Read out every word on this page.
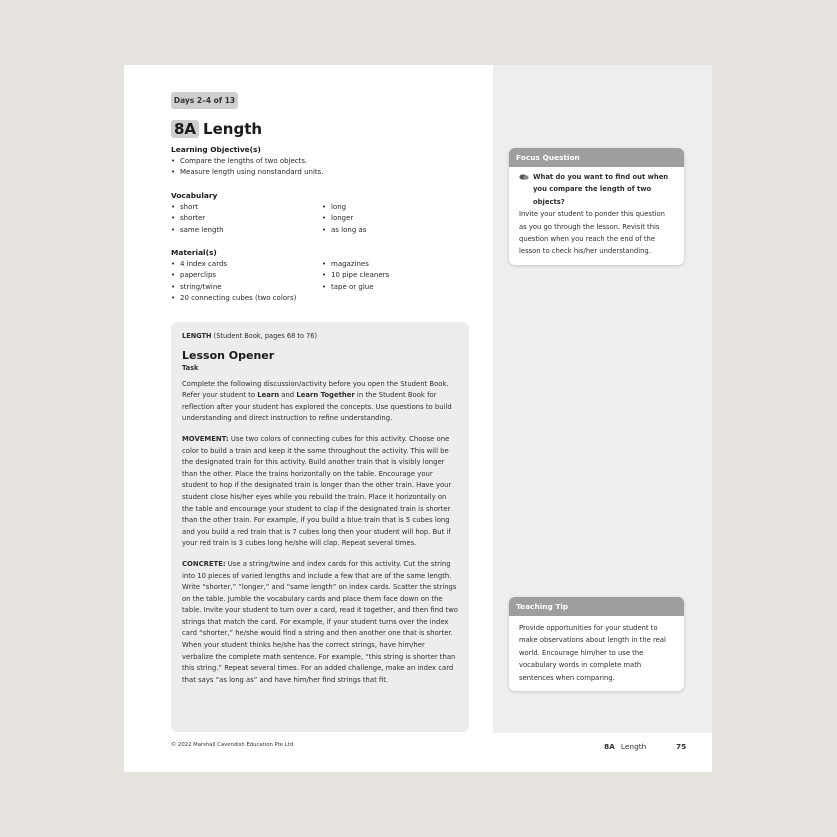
Days 2–4 of 13
8A Length
Learning Objective(s)
• Compare the lengths of two objects.
• Measure length using nonstandard units.
Vocabulary
• short
• shorter
• same length
• long
• longer
• as long as
Material(s)
• 4 index cards
• paperclips
• string/twine
• 20 connecting cubes (two colors)
• magazines
• 10 pipe cleaners
• tape or glue
LENGTH (Student Book, pages 68 to 76)
Lesson Opener
Task

Complete the following discussion/activity before you open the Student Book. Refer your student to Learn and Learn Together in the Student Book for reflection after your student has explored the concepts. Use questions to build understanding and direct instruction to refine understanding.

MOVEMENT: Use two colors of connecting cubes for this activity. Choose one color to build a train and keep it the same throughout the activity. This will be the designated train for this activity. Build another train that is visibly longer than the other. Place the trains horizontally on the table. Encourage your student to hop if the designated train is longer than the other train. Have your student close his/her eyes while you rebuild the train. Place it horizontally on the table and encourage your student to clap if the designated train is shorter than the other train. For example, if you build a blue train that is 5 cubes long and you build a red train that is 7 cubes long then your student will hop. But if your red train is 3 cubes long he/she will clap. Repeat several times.

CONCRETE: Use a string/twine and index cards for this activity. Cut the string into 10 pieces of varied lengths and include a few that are of the same length. Write “shorter,” “longer,” and “same length” on index cards. Scatter the strings on the table. Jumble the vocabulary cards and place them face down on the table. Invite your student to turn over a card, read it together, and then find two strings that match the card. For example, if your student turns over the index card “shorter,” he/she would find a string and then another one that is shorter. When your student thinks he/she has the correct strings, have him/her verbalize the complete math sentence. For example, “this string is shorter than this string.” Repeat several times. For an added challenge, make an index card that says “as long as” and have him/her find strings that fit.

Focus Question
What do you want to find out when you compare the length of two objects?
Invite your student to ponder this question as you go through the lesson. Revisit this question when you reach the end of the lesson to check his/her understanding.
Teaching Tip
Provide opportunities for your student to make observations about length in the real world. Encourage him/her to use the vocabulary words in complete math sentences when comparing.
© 2022 Marshall Cavendish Education Pte Ltd	8A Length	75
